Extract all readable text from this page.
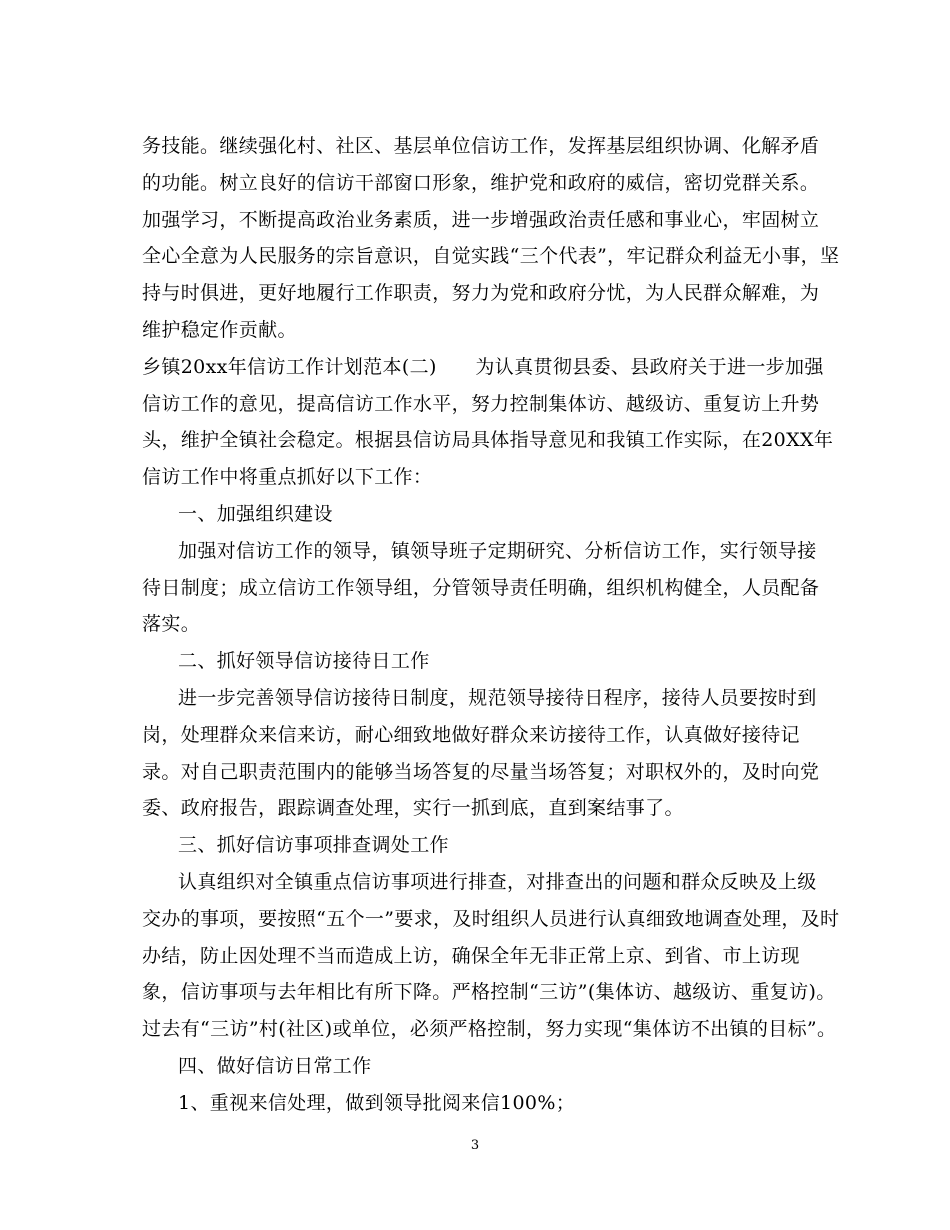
务技能。继续强化村、社区、基层单位信访工作，发挥基层组织协调、化解矛盾
的功能。树立良好的信访干部窗口形象，维护党和政府的威信，密切党群关系。
加强学习，不断提高政治业务素质，进一步增强政治责任感和事业心，牢固树立
全心全意为人民服务的宗旨意识，自觉实践“三个代表”，牢记群众利益无小事，坚
持与时俱进，更好地履行工作职责，努力为党和政府分忧，为人民群众解难，为
维护稳定作贡献。
乡镇20xx年信访工作计划范本(二)　　为认真贯彻县委、县政府关于进一步加强
信访工作的意见，提高信访工作水平，努力控制集体访、越级访、重复访上升势
头，维护全镇社会稳定。根据县信访局具体指导意见和我镇工作实际，在20XX年
信访工作中将重点抓好以下工作：
一、加强组织建设
加强对信访工作的领导，镇领导班子定期研究、分析信访工作，实行领导接
待日制度；成立信访工作领导组，分管领导责任明确，组织机构健全，人员配备
落实。
二、抓好领导信访接待日工作
进一步完善领导信访接待日制度，规范领导接待日程序，接待人员要按时到
岗，处理群众来信来访，耐心细致地做好群众来访接待工作，认真做好接待记
录。对自己职责范围内的能够当场答复的尽量当场答复；对职权外的，及时向党
委、政府报告，跟踪调查处理，实行一抓到底，直到案结事了。
三、抓好信访事项排查调处工作
认真组织对全镇重点信访事项进行排查，对排查出的问题和群众反映及上级
交办的事项，要按照“五个一”要求，及时组织人员进行认真细致地调查处理，及时
办结，防止因处理不当而造成上访，确保全年无非正常上京、到省、市上访现
象，信访事项与去年相比有所下降。严格控制“三访”(集体访、越级访、重复访)。
过去有“三访”村(社区)或单位，必须严格控制，努力实现“集体访不出镇的目标”。
四、做好信访日常工作
1、重视来信处理，做到领导批阅来信100%；
3
